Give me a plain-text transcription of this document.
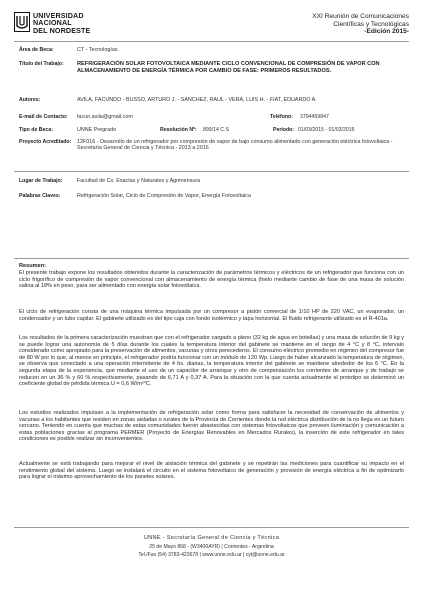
UNIVERSIDAD
NACIONAL
DEL NORDESTE
XXI Reunión de Comunicaciones
Científicas y Tecnológicas
-Edición 2015-
Área de Beca:	CT - Tecnologías
Título del Trabajo: REFRIGERACIÓN SOLAR FOTOVOLTAICA MEDIANTE CICLO CONVENCIONAL DE COMPRESIÓN DE VAPOR CON ALMACENAMIENTO DE ENERGÍA TÉRMICA POR CAMBIO DE FASE: PRIMEROS RESULTADOS.
Autores:	AVILA, FACUNDO - BUSSO, ARTURO J. - SANCHEZ, RAUL - VERA, LUIS H. - FIAT, EDUARDO A.
E-mail de Contacto: facun.avila@gmail.com	Teléfono: 3794459847
Tipo de Beca:	UNNE Pregrado	Resolución Nº: 899/14 C.S	Período: 01/03/2015 - 01/03/2016
Proyecto Acreditado: 12F016 - Desarrollo de un refrigerador por compresión de vapor de bajo consumo alimentado con generación eléctrica fotovoltaica - Secretaría General de Ciencia y Técnica - 2013 a 2016
Lugar de Trabajo:	Facultad de Cs. Exactas y Naturales y Agrimensura
Palabras Claves:	Refrigeración Solar, Ciclo de Compresión de Vapor, Energía Fotovoltaica
Resumen:

El presente trabajo expone los resultados obtenidos durante la caracterización de parámetros térmicos y eléctricos de un refrigerador que funciona con un ciclo frigorífico de compresión de vapor convencional con almacenamiento de energía térmica (hielo mediante cambio de fase de una masa de solución salina al 18% en peso, para ser alimentado con energía solar fotovoltaica.

El ciclo de refrigeración consta de una máquina térmica impulsada por un compresor a pistón comercial de 1/10 HP de 220 VAC, un evaporador, un condensador y un tubo capilar. El gabinete utilizado es del tipo caja con fondo isotérmico y tapa horizontal. El fluido refrigerante utilizado es el R-401a.

Los resultados de la primera caracterización muestran que con el refrigerador cargado a pleno (32 kg de agua en botellas) y una masa de solución de 9 kg y se puede lograr una autonomía de 5 días durante los cuales la temperatura interior del gabinete se mantiene en el rango de 4 °C y 8 °C, intervalo considerado como apropiado para la preservación de alimentos, vacunas y otros perecederos. El consumo eléctrico promedio en régimen del compresor fue de 80 W por lo que, al menos en principio, el refrigerador podría funcionar con un módulo de 120 Wp. Luego de haber alcanzado la temperatura de régimen, se observa que conectado a una operación intermitente de 4 hs. diarias, la temperatura interior del gabinete se mantiene alrededor de los 6 °C. En la segunda etapa de la experiencia, que mediante el uso de un capacitor de arranque y otro de compensación los corrientes de arranque y de trabajo se reducen en un 36 % y 60 % respectivamente, pasando de 6,71 A y 0,37 A. Para la situación con la que cuenta actualmente el prototipo se determinó un coeficiente global de pérdida térmica U = 0,6 W/m²°C.

Los estudios realizados impulsan a la implementación de refrigeración solar como forma para satisfacer la necesidad de conservación de alimentos y vacunas a los habitantes que residen en zonas aisladas o rurales de la Provincia de Corrientes donde la red eléctrica distribución de la no llega en un futuro cercano. Teniendo en cuenta que muchas de estas comunidades fueron abastecidas con sistemas fotovoltaicos que proveen iluminación y comunicación a estas poblaciones gracias al programa PERMER (Proyecto de Energías Renovables en Mercados Rurales), la inserción de este refrigerador en tales condiciones es posible realizar sin inconvenientes.

Actualmente se está trabajando para mejorar el nivel de aislación térmica del gabinete y se repetirán las mediciones para cuantificar su impacto en el rendimiento global del sistema. Luego se instalará el circuito en el sistema fotovoltaico de generación y provisión de energía eléctrica a fin de optimizarlo para lograr el máximo aprovechamiento de los paneles solares.

UNNE - Secretaría General de Ciencia y Técnica
25 de Mayo 868 - (W3400AYR) | Corrientes - Argentina
Tel./Fax (54) 3783-423678 | www.unne.edu.ar | cyt@unne.edu.ar
